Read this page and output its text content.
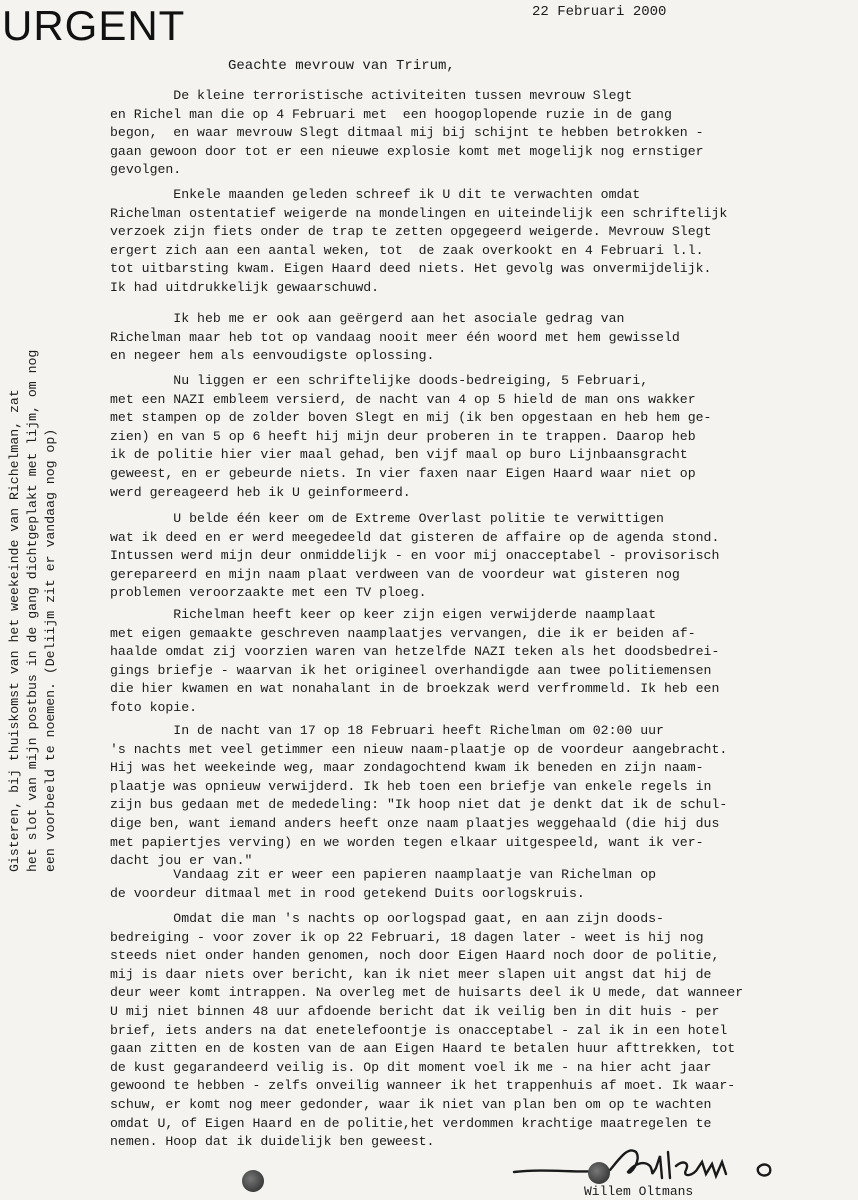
URGENT	22 Februari 2000
Geachte mevrouw van Trirum,
De kleine terroristische activiteiten tussen mevrouw Slegt
en Richel man die op 4 Februari met  een hoogoplopende ruzie in de gang
begon,  en waar mevrouw Slegt ditmaal mij bij schijnt te hebben betrokken -
gaan gewoon door tot er een nieuwe explosie komt met mogelijk nog ernstiger
gevolgen.
Enkele maanden geleden schreef ik U dit te verwachten omdat
Richelman ostentatief weigerde na mondelingen en uiteindelijk een schriftelijk
verzoek zijn fiets onder de trap te zetten opgegeerd weigerde. Mevrouw Slegt
ergert zich aan een aantal weken, tot  de zaak overkookt en 4 Februari l.l.
tot uitbarsting kwam. Eigen Haard deed niets. Het gevolg was onvermijdelijk.
Ik had uitdrukkelijk gewaarschuwd.
Ik heb me er ook aan geërgerd aan het asociale gedrag van
Richelman maar heb tot op vandaag nooit meer één woord met hem gewisseld
en negeer hem als eenvoudigste oplossing.
Nu liggen er een schriftelijke doods-bedreiging, 5 Februari,
met een NAZI embleem versierd, de nacht van 4 op 5 hield de man ons wakker
met stampen op de zolder boven Slegt en mij (ik ben opgestaan en heb hem ge-
zien) en van 5 op 6 heeft hij mijn deur proberen in te trappen. Daarop heb
ik de politie hier vier maal gehad, ben vijf maal op buro Lijnbaansgracht
geweest, en er gebeurde niets. In vier faxen naar Eigen Haard waar niet op
werd gereageerd heb ik U geinformeerd.
U belde één keer om de Extreme Overlast politie te verwittigen
wat ik deed en er werd meegedeeld dat gisteren de affaire op de agenda stond.
Intussen werd mijn deur onmiddelijk - en voor mij onacceptabel - provisorisch
gerepareerd en mijn naam plaat verdween van de voordeur wat gisteren nog
problemen veroorzaakte met een TV ploeg.
Richelman heeft keer op keer zijn eigen verwijderde naamplaat
met eigen gemaakte geschreven naamplaatjes vervangen, die ik er beiden af-
haalde omdat zij voorzien waren van hetzelfde NAZI teken als het doodsbedrei-
gings briefje - waarvan ik het origineel overhandigde aan twee politiemensen
die hier kwamen en wat nonahalant in de broekzak werd verfrommeld. Ik heb een
foto kopie.
In de nacht van 17 op 18 Februari heeft Richelman om 02:00 uur
's nachts met veel getimmer een nieuw naam-plaatje op de voordeur aangebracht.
Hij was het weekeinde weg, maar zondagochtend kwam ik beneden en zijn naam-
plaatje was opnieuw verwijderd. Ik heb toen een briefje van enkele regels in
zijn bus gedaan met de mededeling: "Ik hoop niet dat je denkt dat ik de schul-
dige ben, want iemand anders heeft onze naam plaatjes weggehaald (die hij dus
met papiertjes verving) en we worden tegen elkaar uitgespeeld, want ik ver-
dacht jou er van."
Vandaag zit er weer een papieren naamplaatje van Richelman op
de voordeur ditmaal met in rood getekend Duits oorlogskruis.
Omdat die man 's nachts op oorlogspad gaat, en aan zijn doods-
bedreiging - voor zover ik op 22 Februari, 18 dagen later - weet is hij nog
steeds niet onder handen genomen, noch door Eigen Haard noch door de politie,
mij is daar niets over bericht, kan ik niet meer slapen uit angst dat hij de
deur weer komt intrappen. Na overleg met de huisarts deel ik U mede, dat wanneer
U mij niet binnen 48 uur afdoende bericht dat ik veilig ben in dit huis - per
brief, iets anders na dat enetelefoontje is onacceptabel - zal ik in een hotel
gaan zitten en de kosten van de aan Eigen Haard te betalen huur afttrekken, tot
de kust gegarandeerd veilig is. Op dit moment voel ik me - na hier acht jaar
gewoond te hebben - zelfs onveilig wanneer ik het trappenhuis af moet. Ik waar-
schuw, er komt nog meer gedonder, waar ik niet van plan ben om op te wachten
omdat U, of Eigen Haard en de politie,het verdommen krachtige maatregelen te
nemen. Hoop dat ik duidelijk ben geweest.
Gisteren, bij thuiskomst van het weekeinde van Richelman, zat het slot van mijn postbus in de gang dichtgeplakt met lijm, om nog een voorbeeld te noemen. (Deliijm zit er vandaag nog op)
Willem Oltmans
